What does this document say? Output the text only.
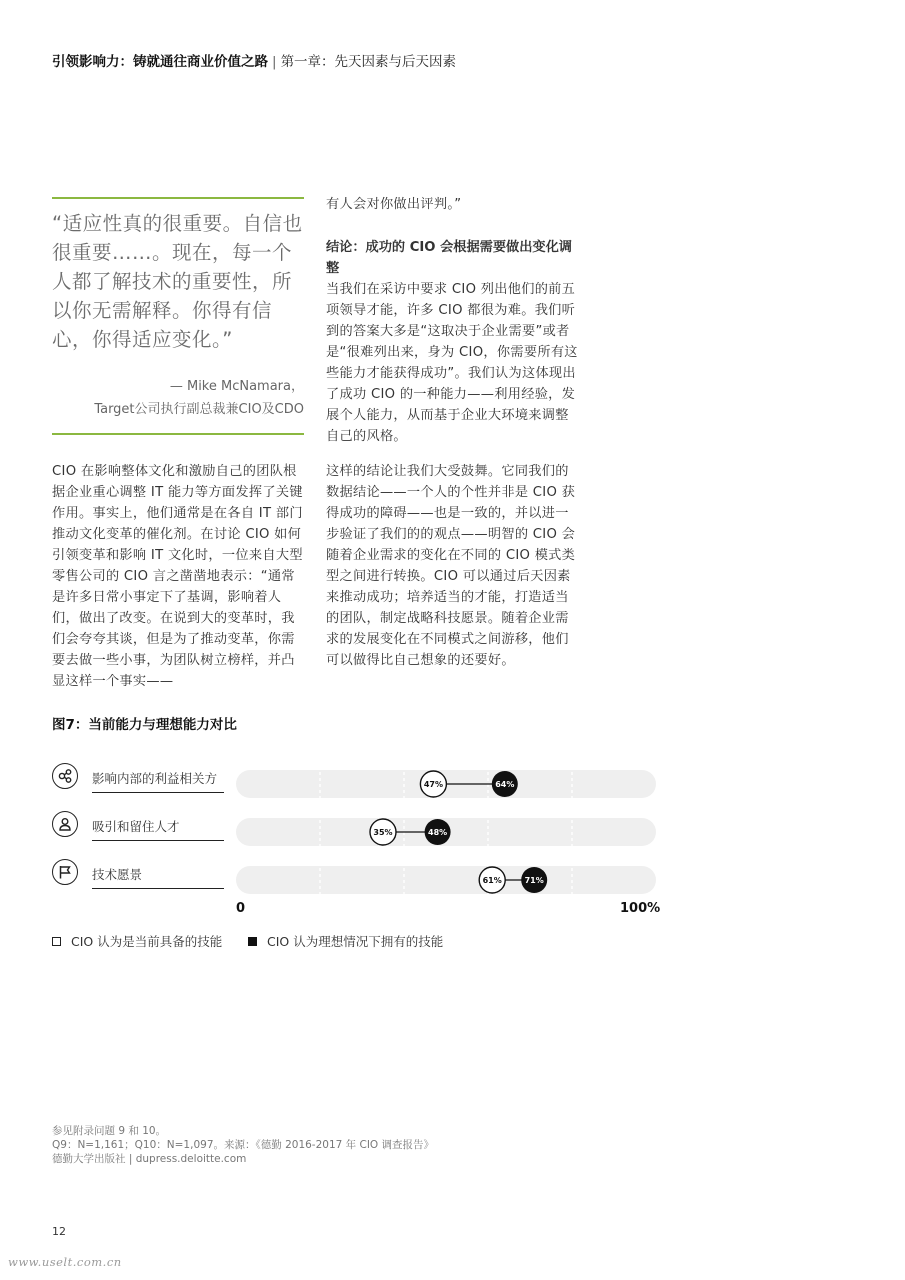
引领影响力：铸就通往商业价值之路 | 第一章：先天因素与后天因素
“适应性真的很重要。自信也很重要……。现在，每一个人都了解技术的重要性，所以你无需解释。你得有信心，你得适应变化。”
— Mike McNamara，
Target公司执行副总裁兼CIO及CDO

CIO 在影响整体文化和激励自己的团队根据企业重心调整 IT 能力等方面发挥了关键作用。事实上，他们通常是在各自 IT 部门推动文化变革的催化剂。在讨论 CIO 如何引领变革和影响 IT 文化时，一位来自大型零售公司的 CIO 言之凿凿地表示：“通常是许多日常小事定下了基调，影响着人们，做出了改变。在说到大的变革时，我们会夸夸其谈，但是为了推动变革，你需要去做一些小事，为团队树立榜样，并凸显这样一个事实——

有人会对你做出评判。”

结论：成功的 CIO 会根据需要做出变化调整

当我们在采访中要求 CIO 列出他们的前五项领导才能，许多 CIO 都很为难。我们听到的答案大多是“这取决于企业需要”或者是“很难列出来，身为 CIO，你需要所有这些能力才能获得成功”。我们认为这体现出了成功 CIO 的一种能力——利用经验，发展个人能力，从而基于企业大环境来调整自己的风格。

这样的结论让我们大受鼓舞。它同我们的数据结论——一个人的个性并非是 CIO 获得成功的障碍——也是一致的，并以进一步验证了我们的的观点——明智的 CIO 会随着企业需求的变化在不同的 CIO 模式类型之间进行转换。CIO 可以通过后天因素来推动成功；培养适当的才能，打造适当的团队，制定战略科技愿景。随着企业需求的发展变化在不同模式之间游移，他们可以做得比自己想象的还要好。

图7：当前能力与理想能力对比
影响内部的利益相关方
吸引和留住人才
技术愿景
47%	64%
35%	48%
61%	71%
0	100%
CIO 认为是当前具备的技能	CIO 认为理想情况下拥有的技能
参见附录问题 9 和 10。
Q9：N=1,161；Q10：N=1,097。来源：《德勤 2016-2017 年 CIO 调查报告》
德勤大学出版社 | dupress.deloitte.com
12
www.uselt.com.cn
